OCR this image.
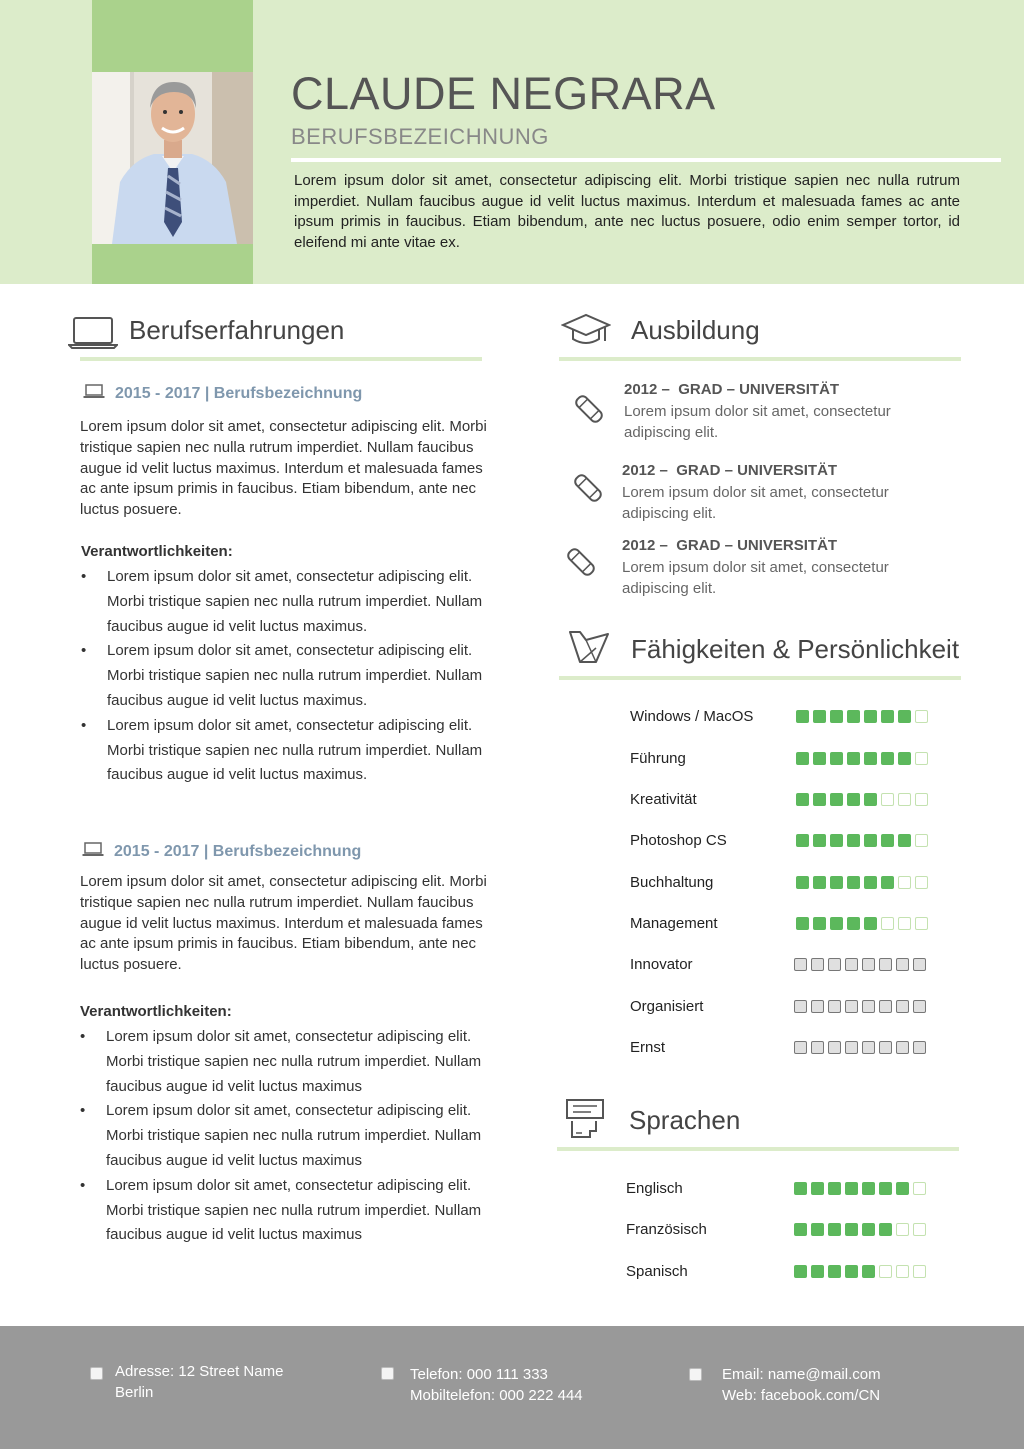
CLAUDE NEGRARA
BERUFSBEZEICHNUNG
Lorem ipsum dolor sit amet, consectetur adipiscing elit. Morbi tristique sapien nec nulla rutrum imperdiet. Nullam faucibus augue id velit luctus maximus. Interdum et malesuada fames ac ante ipsum primis in faucibus. Etiam bibendum, ante nec luctus posuere, odio enim semper tortor, id eleifend mi ante vitae ex.
Berufserfahrungen
2015 - 2017 | Berufsbezeichnung
Lorem ipsum dolor sit amet, consectetur adipiscing elit. Morbi tristique sapien nec nulla rutrum imperdiet. Nullam faucibus augue id velit luctus maximus. Interdum et malesuada fames ac ante ipsum primis in faucibus. Etiam bibendum, ante nec luctus posuere.
Verantwortlichkeiten:
• Lorem ipsum dolor sit amet, consectetur adipiscing elit. Morbi tristique sapien nec nulla rutrum imperdiet. Nullam faucibus augue id velit luctus maximus.
• Lorem ipsum dolor sit amet, consectetur adipiscing elit. Morbi tristique sapien nec nulla rutrum imperdiet. Nullam faucibus augue id velit luctus maximus.
• Lorem ipsum dolor sit amet, consectetur adipiscing elit. Morbi tristique sapien nec nulla rutrum imperdiet. Nullam faucibus augue id velit luctus maximus.
2015 - 2017 | Berufsbezeichnung
Lorem ipsum dolor sit amet, consectetur adipiscing elit. Morbi tristique sapien nec nulla rutrum imperdiet. Nullam faucibus augue id velit luctus maximus. Interdum et malesuada fames ac ante ipsum primis in faucibus. Etiam bibendum, ante nec luctus posuere.
Verantwortlichkeiten:
• Lorem ipsum dolor sit amet, consectetur adipiscing elit. Morbi tristique sapien nec nulla rutrum imperdiet. Nullam faucibus augue id velit luctus maximus
• Lorem ipsum dolor sit amet, consectetur adipiscing elit. Morbi tristique sapien nec nulla rutrum imperdiet. Nullam faucibus augue id velit luctus maximus
• Lorem ipsum dolor sit amet, consectetur adipiscing elit. Morbi tristique sapien nec nulla rutrum imperdiet. Nullam faucibus augue id velit luctus maximus
Ausbildung
2012 – GRAD – UNIVERSITÄT
Lorem ipsum dolor sit amet, consectetur adipiscing elit.
2012 – GRAD – UNIVERSITÄT
Lorem ipsum dolor sit amet, consectetur adipiscing elit.
2012 – GRAD – UNIVERSITÄT
Lorem ipsum dolor sit amet, consectetur adipiscing elit.
Fähigkeiten & Persönlichkeit
Windows / MacOS
Führung
Kreativität
Photoshop CS
Buchhaltung
Management
Innovator
Organisiert
Ernst
Sprachen
Englisch
Französisch
Spanisch
Adresse: 12 Street Name
Berlin
Telefon: 000 111 333
Mobiltelefon: 000 222 444
Email: name@mail.com
Web: facebook.com/CN
